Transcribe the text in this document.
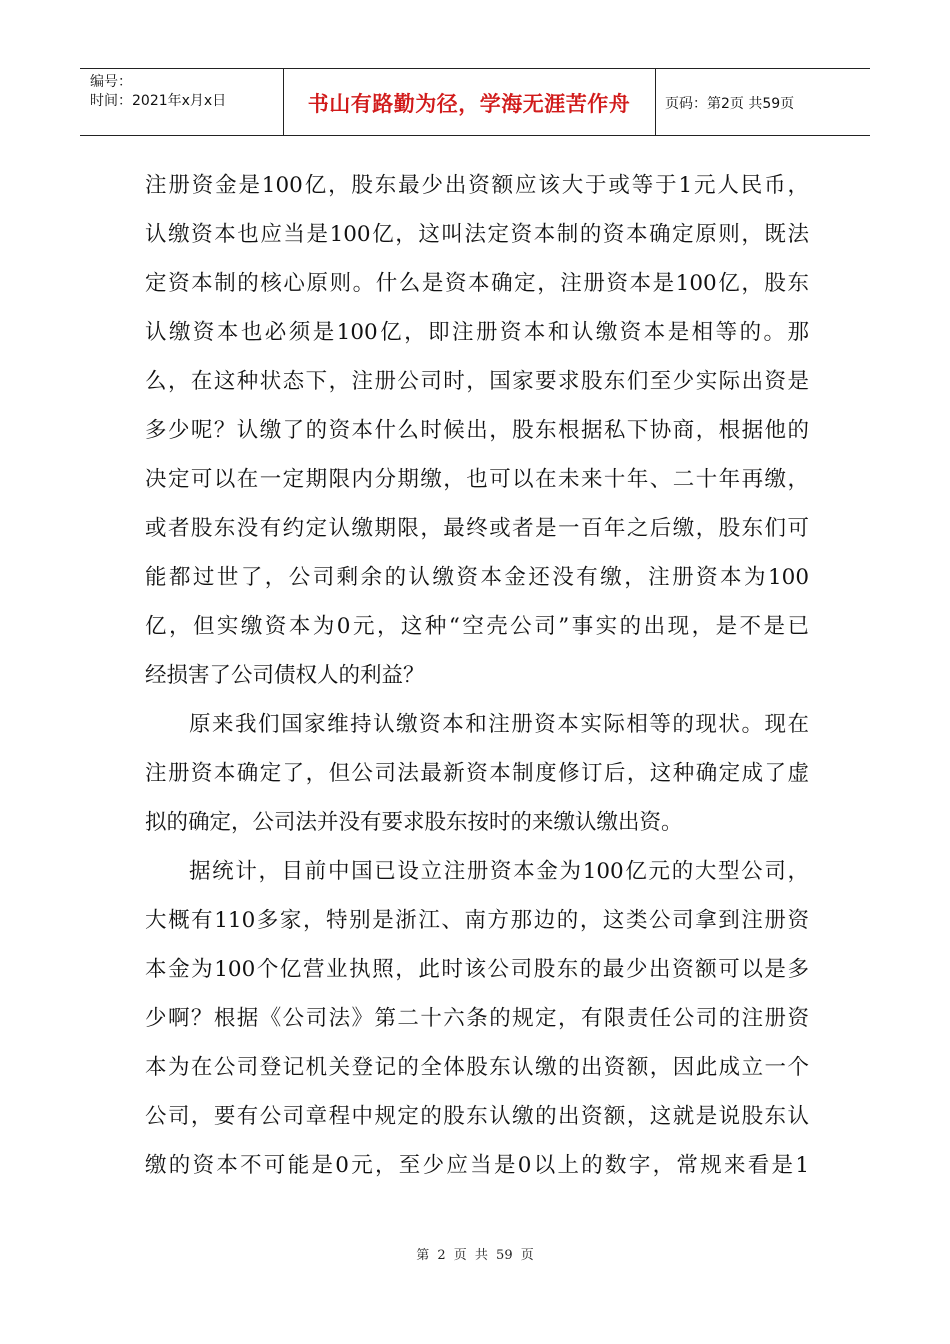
编号：
时间：2021年x月x日	书山有路勤为径，学海无涯苦作舟	页码：第2页 共59页
注册资金是100亿，股东最少出资额应该大于或等于1元人民币，
认缴资本也应当是100亿，这叫法定资本制的资本确定原则，既法
定资本制的核心原则。什么是资本确定，注册资本是100亿，股东
认缴资本也必须是100亿，即注册资本和认缴资本是相等的。那
么，在这种状态下，注册公司时，国家要求股东们至少实际出资是
多少呢？认缴了的资本什么时候出，股东根据私下协商，根据他的
决定可以在一定期限内分期缴，也可以在未来十年、二十年再缴，
或者股东没有约定认缴期限，最终或者是一百年之后缴，股东们可
能都过世了，公司剩余的认缴资本金还没有缴，注册资本为100
亿，但实缴资本为0元，这种“空壳公司”事实的出现，是不是已
经损害了公司债权人的利益？
原来我们国家维持认缴资本和注册资本实际相等的现状。现在
注册资本确定了，但公司法最新资本制度修订后，这种确定成了虚
拟的确定，公司法并没有要求股东按时的来缴认缴出资。
据统计，目前中国已设立注册资本金为100亿元的大型公司，
大概有110多家，特别是浙江、南方那边的，这类公司拿到注册资
本金为100个亿营业执照，此时该公司股东的最少出资额可以是多
少啊？根据《公司法》第二十六条的规定，有限责任公司的注册资
本为在公司登记机关登记的全体股东认缴的出资额，因此成立一个
公司，要有公司章程中规定的股东认缴的出资额，这就是说股东认
缴的资本不可能是0元，至少应当是0以上的数字，常规来看是1
第 2 页 共 59 页
